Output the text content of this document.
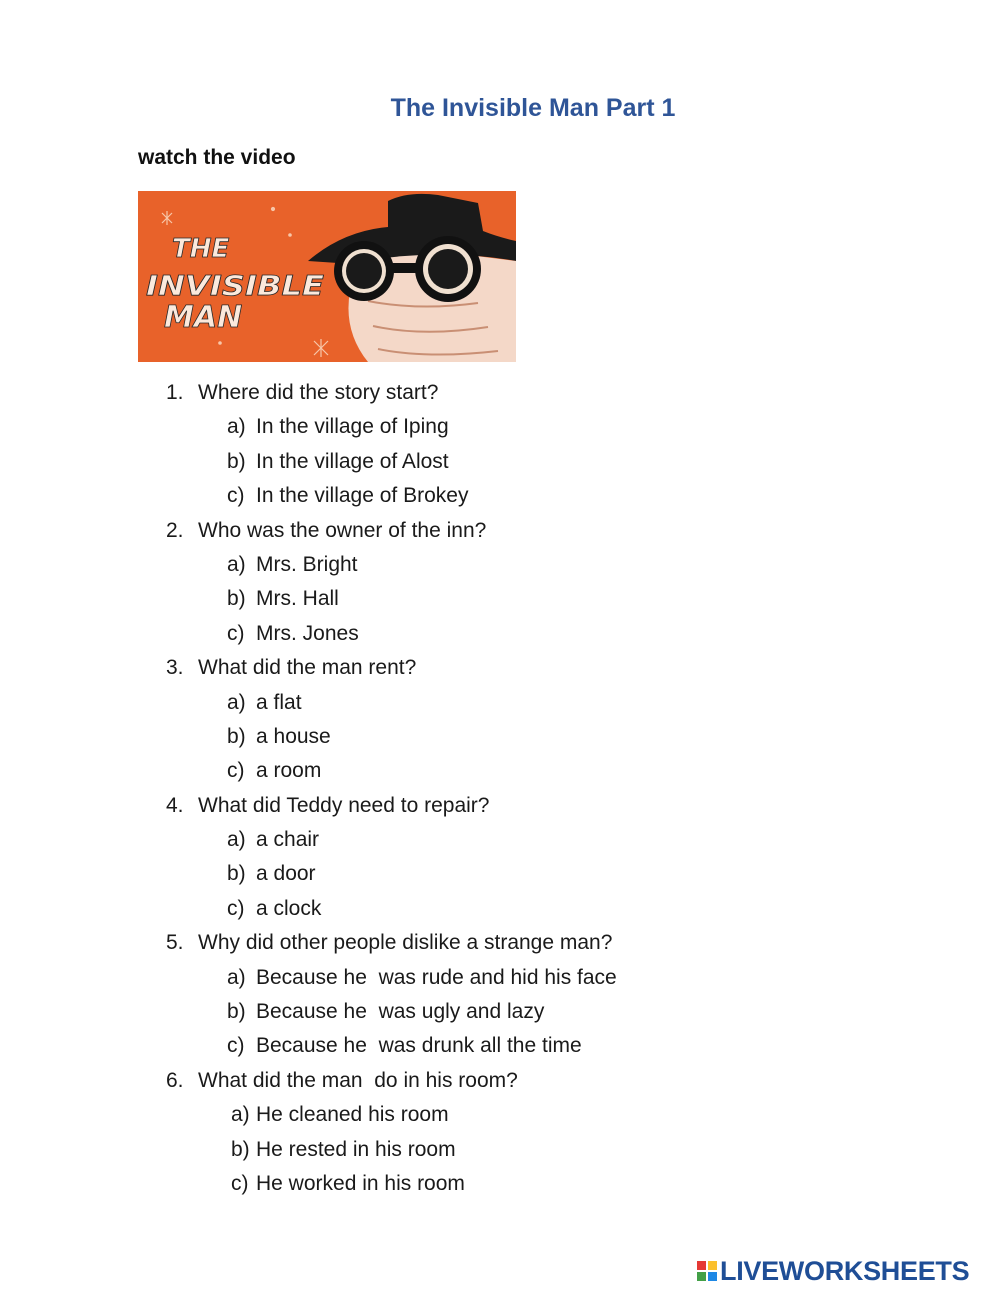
The Invisible Man Part 1
watch the video
THE
INVISIBLE
MAN
1. Where did the story start?
a) In the village of Iping
b) In the village of Alost
c) In the village of Brokey
2. Who was the owner of the inn?
a) Mrs. Bright
b) Mrs. Hall
c) Mrs. Jones
3. What did the man rent?
a) a flat
b) a house
c) a room
4. What did Teddy need to repair?
a) a chair
b) a door
c) a clock
5. Why did other people dislike a strange man?
a) Because he  was rude and hid his face
b) Because he  was ugly and lazy
c) Because he  was drunk all the time
6. What did the man  do in his room?
a) He cleaned his room
b) He rested in his room
c) He worked in his room
LIVEWORKSHEETS
